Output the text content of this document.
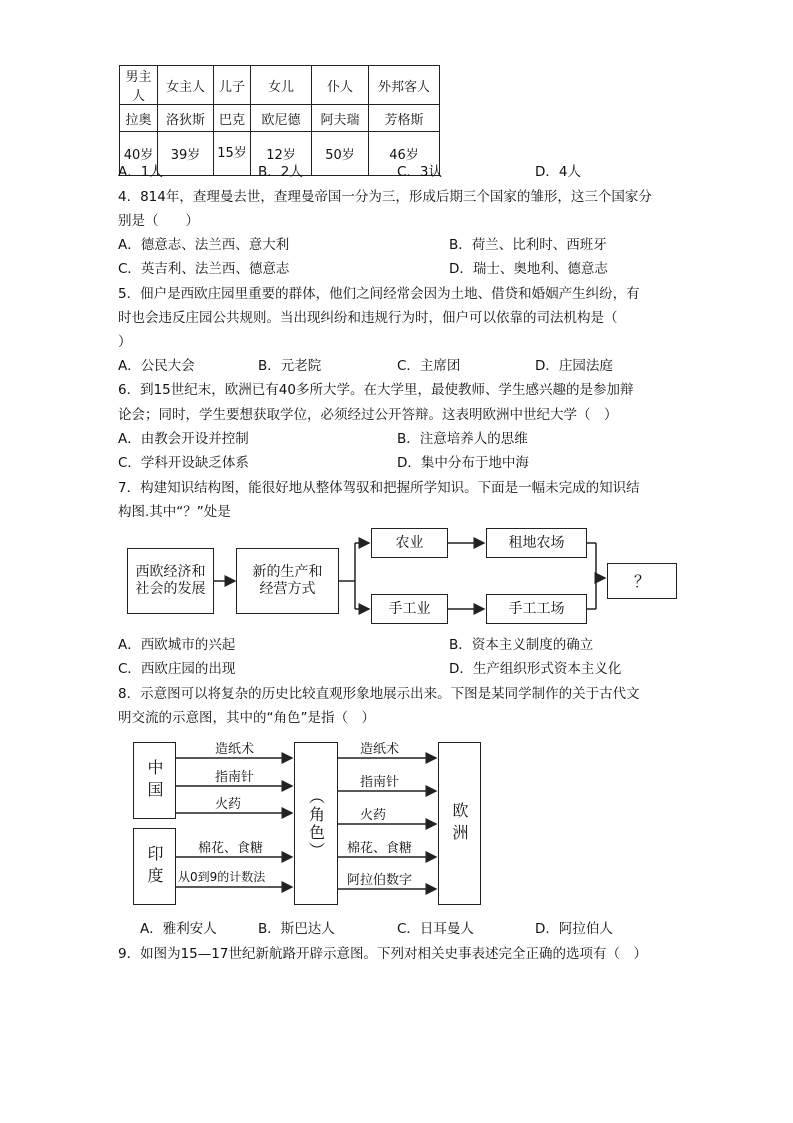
男主人	女主人	儿子	女儿	仆人	外邦客人
拉奥	洛狄斯	巴克	欧尼德	阿夫瑞	芳格斯
40岁	39岁	15岁	12岁	50岁	46岁
A．1人	B．2人	C．3认	D．4人
4．814年，查理曼去世，查理曼帝国一分为三，形成后期三个国家的雏形，这三个国家分
别是（　　）
A．德意志、法兰西、意大利	B．荷兰、比利时、西班牙
C．英吉利、法兰西、德意志	D．瑞士、奥地利、德意志
5．佃户是西欧庄园里重要的群体，他们之间经常会因为土地、借贷和婚姻产生纠纷，有
时也会违反庄园公共规则。当出现纠纷和违规行为时，佃户可以依靠的司法机构是（
）
A．公民大会	B．元老院	C．主席团	D．庄园法庭
6．到15世纪末，欧洲已有40多所大学。在大学里，最使教师、学生感兴趣的是参加辩
论会；同时，学生要想获取学位，必须经过公开答辩。这表明欧洲中世纪大学（　）
A．由教会开设并控制	B．注意培养人的思维
C．学科开设缺乏体系	D．集中分布于地中海
7．构建知识结构图，能很好地从整体驾驭和把握所学知识。下面是一幅未完成的知识结
构图.其中“？”处是
西欧经济和社会的发展
新的生产和经营方式
农业	租地农场
手工业	手工工场
？
A．西欧城市的兴起	B．资本主义制度的确立
C．西欧庄园的出现	D．生产组织形式资本主义化
8．示意图可以将复杂的历史比较直观形象地展示出来。下图是某同学制作的关于古代文
明交流的示意图，其中的“角色”是指（　）
中国
印度
（角色）	欧洲
造纸术
指南针
火药
棉花、食糖
从0到9的计数法
造纸术
指南针
火药
棉花、食糖
阿拉伯数字
A．雅利安人	B．斯巴达人	C．日耳曼人	D．阿拉伯人
9．如图为15—17世纪新航路开辟示意图。下列对相关史事表述完全正确的选项有（　）
